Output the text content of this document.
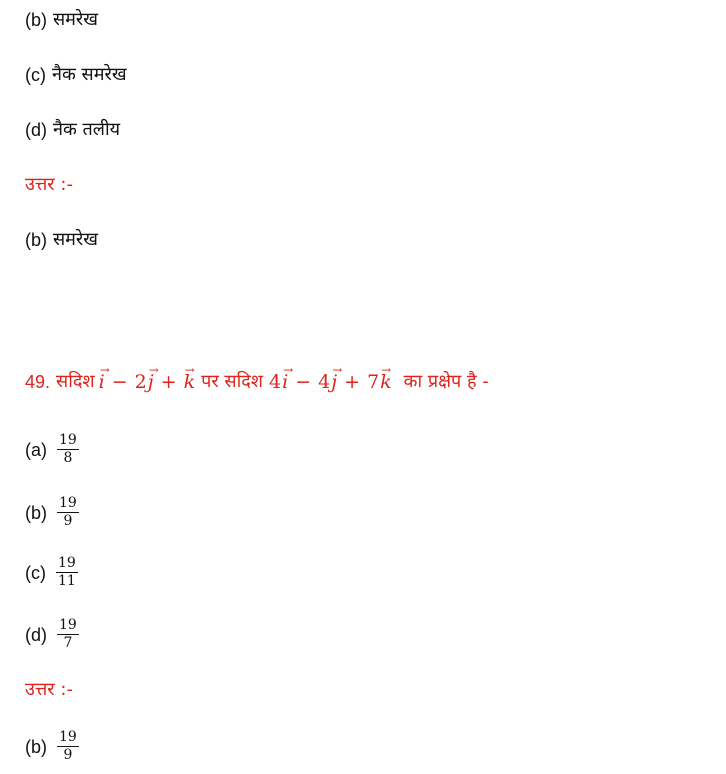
(b) समरेख
(c) नैक समरेख
(d) नैक तलीय
उत्तर :-
(b) समरेख
49. सदिश → i − 2 → j + → k पर सदिश 4 → i − 4 → j + 7 → k का प्रक्षेप है -
$(a) \frac{19}{8}$
$(b) \frac{19}{9}$
$(c) \frac{19}{11}$
$(d) \frac{19}{7}$
उत्तर :-
$(b) \frac{19}{9}$
